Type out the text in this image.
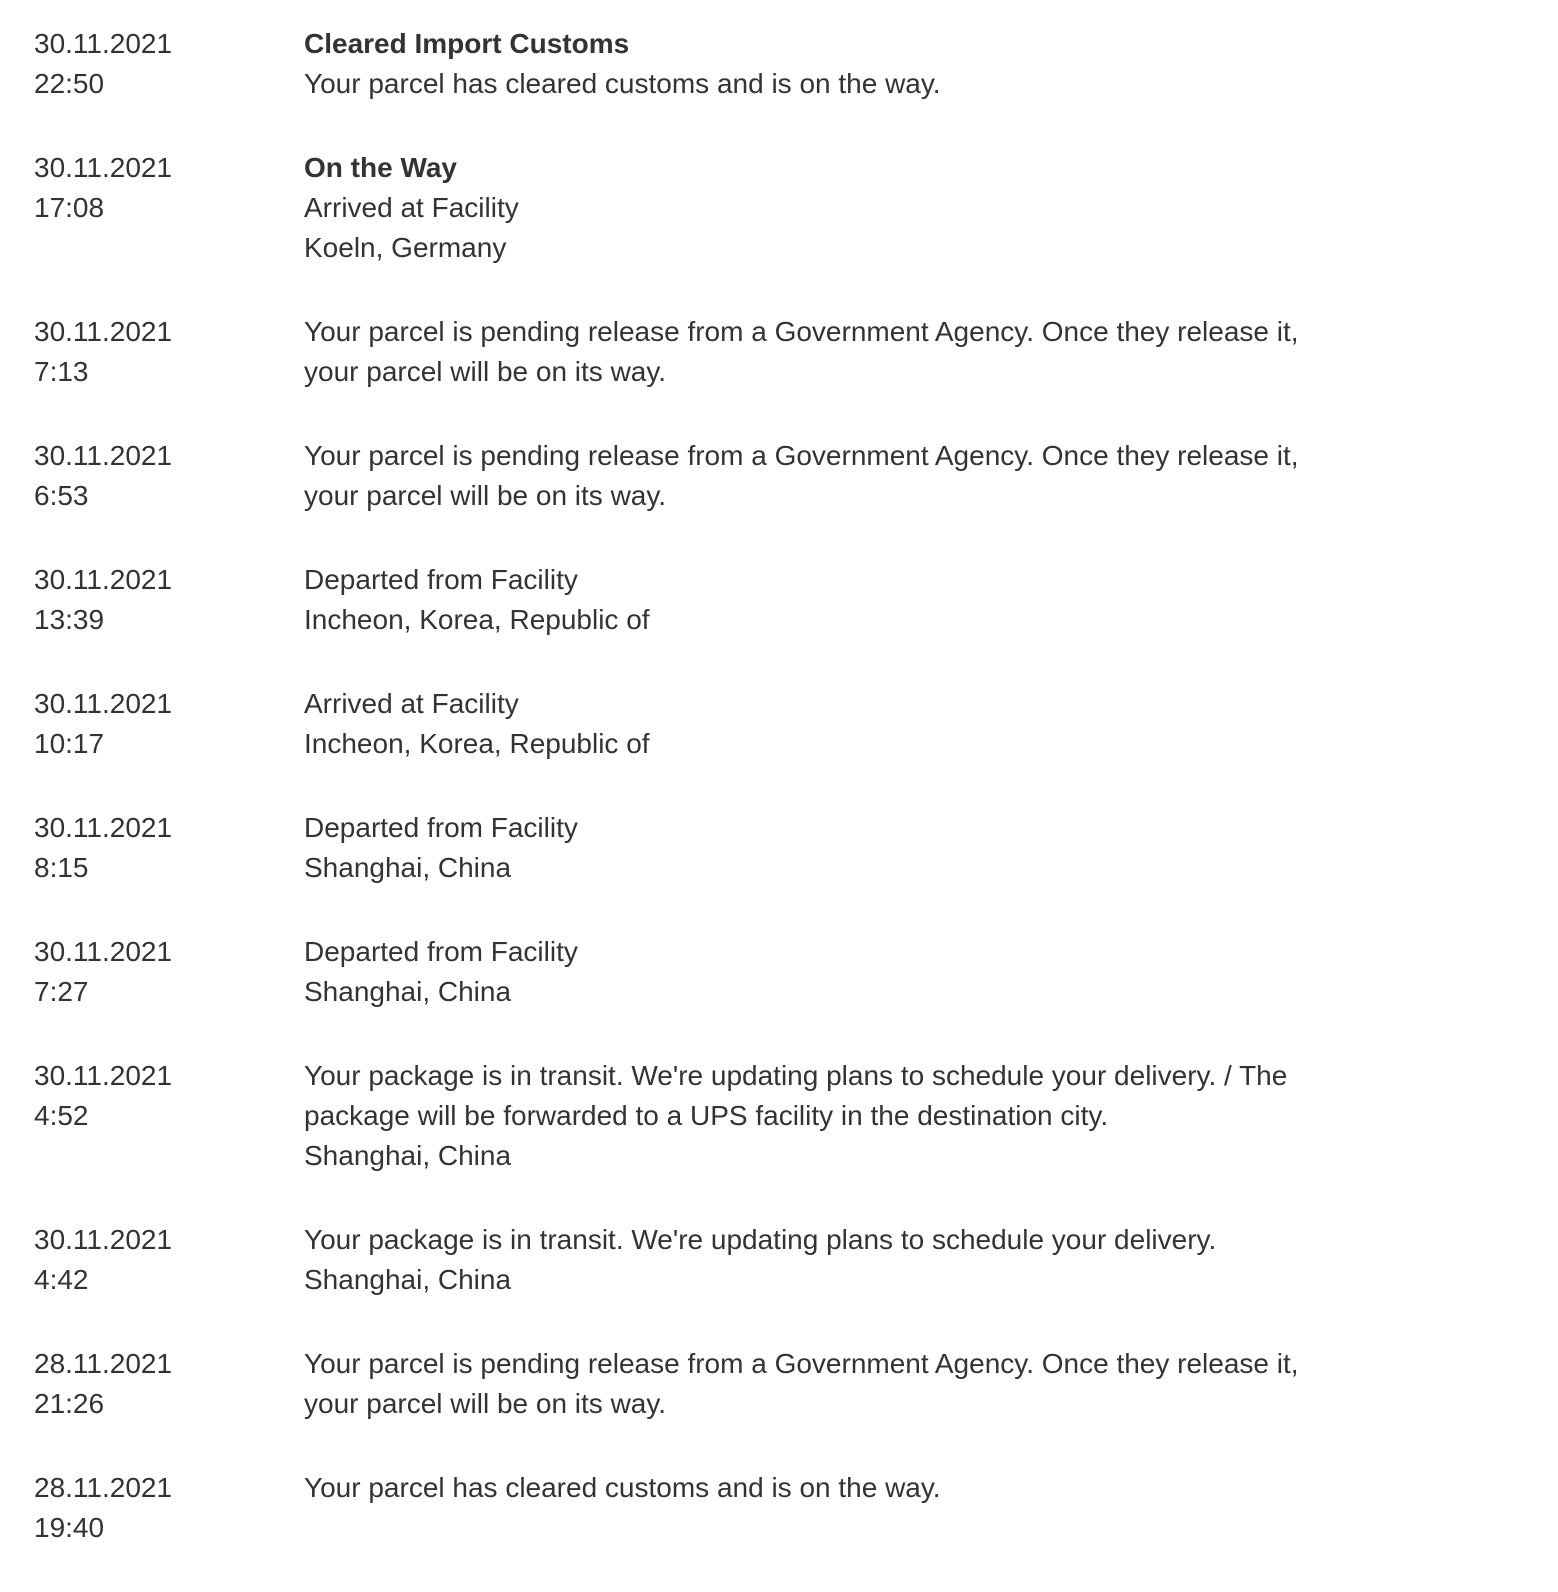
30.11.2021
22:50
Cleared Import Customs
Your parcel has cleared customs and is on the way.
30.11.2021
17:08
On the Way
Arrived at Facility
Koeln, Germany
30.11.2021
7:13
Your parcel is pending release from a Government Agency. Once they release it,
your parcel will be on its way.
30.11.2021
6:53
Your parcel is pending release from a Government Agency. Once they release it,
your parcel will be on its way.
30.11.2021
13:39
Departed from Facility
Incheon, Korea, Republic of
30.11.2021
10:17
Arrived at Facility
Incheon, Korea, Republic of
30.11.2021
8:15
Departed from Facility
Shanghai, China
30.11.2021
7:27
Departed from Facility
Shanghai, China
30.11.2021
4:52
Your package is in transit. We're updating plans to schedule your delivery. / The
package will be forwarded to a UPS facility in the destination city.
Shanghai, China
30.11.2021
4:42
Your package is in transit. We're updating plans to schedule your delivery.
Shanghai, China
28.11.2021
21:26
Your parcel is pending release from a Government Agency. Once they release it,
your parcel will be on its way.
28.11.2021
19:40
Your parcel has cleared customs and is on the way.
